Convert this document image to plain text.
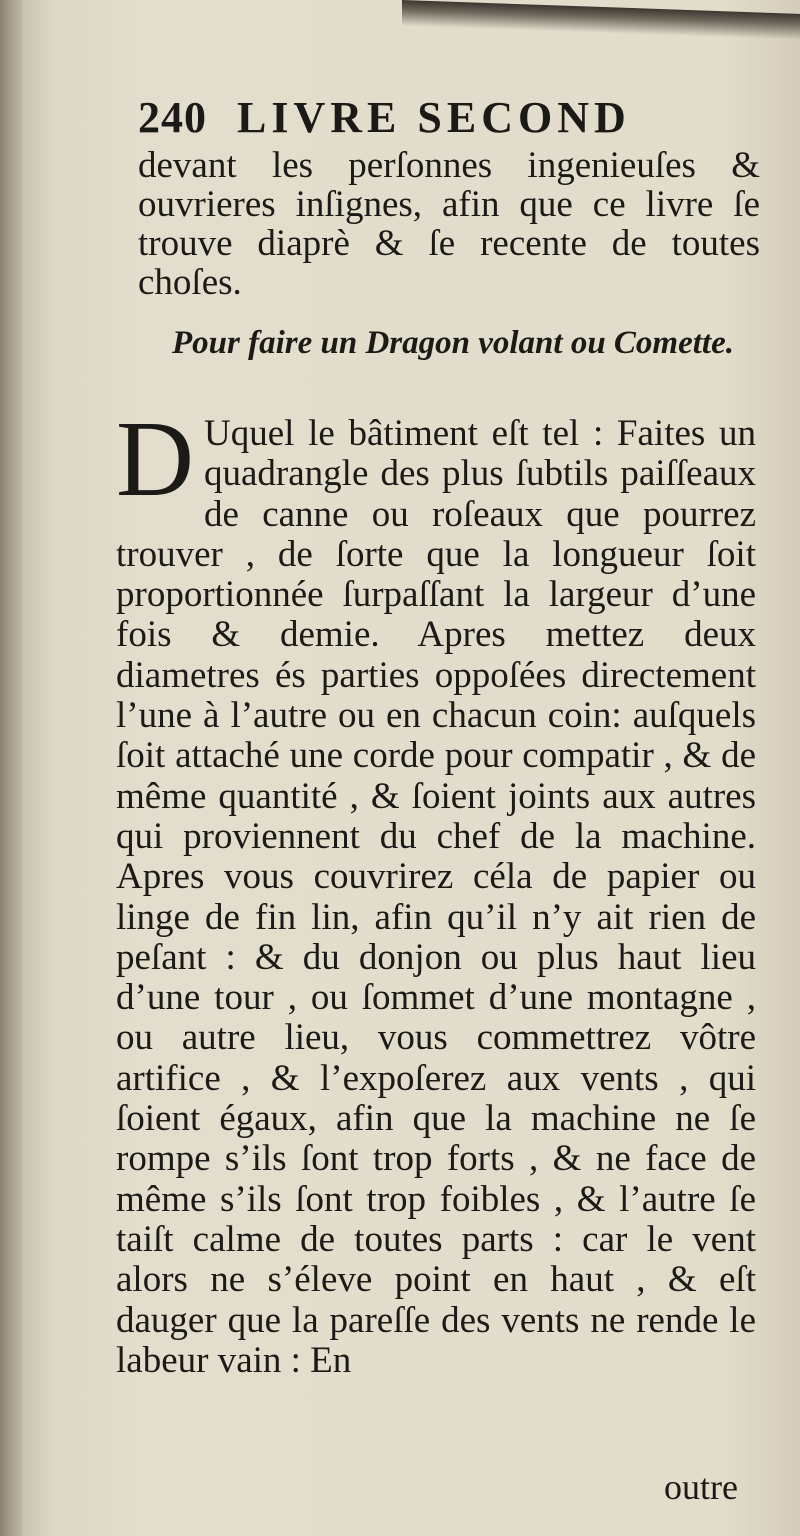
240 LIVRE SECOND
devant les perſonnes ingenieuſes & ouvrieres inſignes, afin que ce livre ſe trouve diaprè & ſe recente de toutes choſes.
Pour faire un Dragon volant ou Comette.
D Uquel le bâtiment eſt tel : Faites un quadrangle des plus ſubtils paiſſeaux de canne ou roſeaux que pourrez trouver , de ſorte que la longueur ſoit proportionnée ſurpaſſant la largeur d’une fois & demie. Apres mettez deux diametres és parties oppoſées directement l’une à l’autre ou en chacun coin: auſquels ſoit attaché une corde pour compatir , & de même quantité , & ſoient joints aux autres qui proviennent du chef de la machine. Apres vous couvrirez céla de papier ou linge de fin lin, afin qu’il n’y ait rien de peſant : & du donjon ou plus haut lieu d’une tour , ou ſommet d’une montagne , ou autre lieu, vous commettrez vôtre artifice , & l’expoſerez aux vents , qui ſoient égaux, afin que la machine ne ſe rompe s’ils ſont trop forts , & ne face de même s’ils ſont trop foibles , & l’autre ſe taiſt calme de toutes parts : car le vent alors ne s’éleve point en haut , & eſt dauger que la pareſſe des vents ne rende le labeur vain : En
outre
